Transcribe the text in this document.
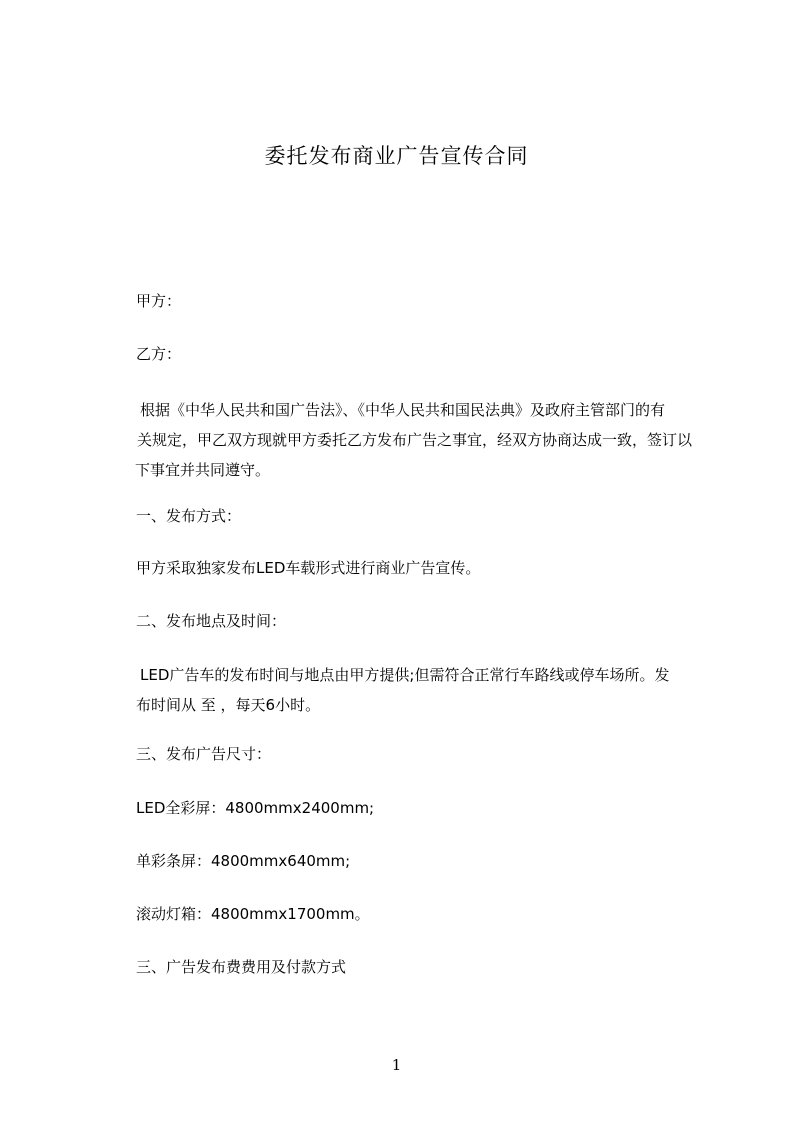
委托发布商业广告宣传合同
甲方：
乙方：
根据《中华人民共和国广告法》、《中华人民共和国民法典》及政府主管部门的有
关规定，甲乙双方现就甲方委托乙方发布广告之事宜，经双方协商达成一致，签订以
下事宜并共同遵守。
一、发布方式：
甲方采取独家发布LED车载形式进行商业广告宣传。
二、发布地点及时间：
LED广告车的发布时间与地点由甲方提供;但需符合正常行车路线或停车场所。发
布时间从 至 ，每天6小时。
三、发布广告尺寸：
LED全彩屏：4800mmx2400mm;
单彩条屏：4800mmx640mm;
滚动灯箱：4800mmx1700mm。
三、广告发布费费用及付款方式
1
